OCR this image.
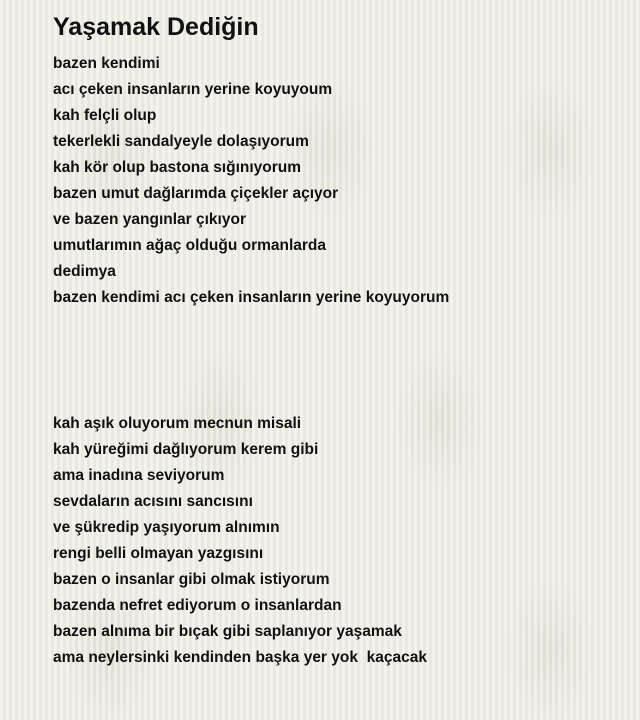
Yaşamak Dediğin
bazen kendimi
acı çeken insanların yerine koyuyoum
kah felçli olup
tekerlekli sandalyeyle dolaşıyorum
kah kör olup bastona sığınıyorum
bazen umut dağlarımda çiçekler açıyor
ve bazen yangınlar çıkıyor
umutlarımın ağaç olduğu ormanlarda
dedimya
bazen kendimi acı çeken insanların yerine koyuyorum
kah aşık oluyorum mecnun misali
kah yüreğimi dağlıyorum kerem gibi
ama inadına seviyorum
sevdaların acısını sancısını
ve şükredip yaşıyorum alnımın
rengi belli olmayan yazgısını
bazen o insanlar gibi olmak istiyorum
bazenda nefret ediyorum o insanlardan
bazen alnıma bir bıçak gibi saplanıyor yaşamak
ama neylersinki kendinden başka yer yok  kaçacak
